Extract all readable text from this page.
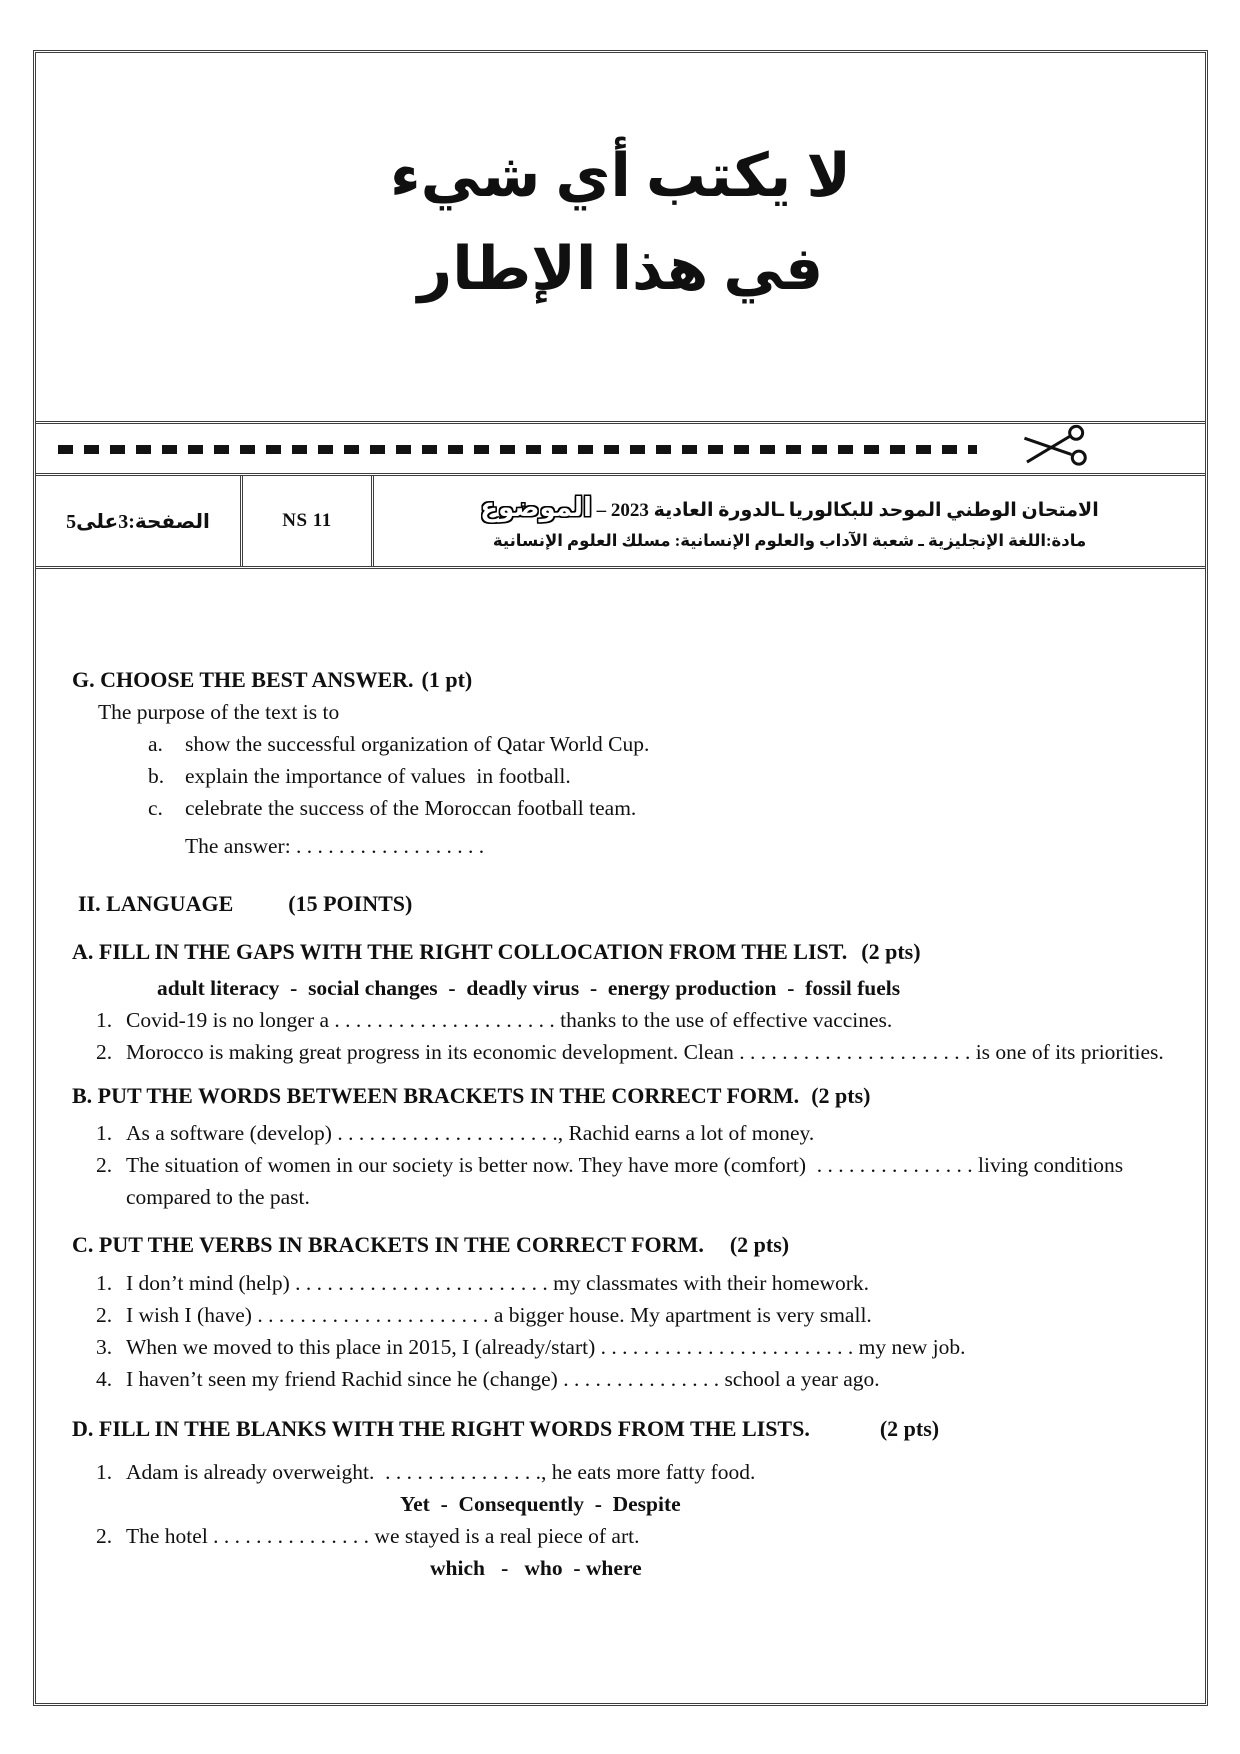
لا يكتب أي شيء
في هذا الإطار
الصفحة:3على5	NS 11	الامتحان الوطني الموحد للبكالوريا ـالدورة العادية 2023 – الموضوع
مادة:اللغة الإنجليزية ـ شعبة الآداب والعلوم الإنسانية: مسلك العلوم الإنسانية
G. CHOOSE THE BEST ANSWER. (1 pt)
The purpose of the text is to
a.	show the successful organization of Qatar World Cup.
b. explain the importance of values  in football.
c.	celebrate the success of the Moroccan football team.
The answer: . . . . . . . . . . . . . . . . . .
II. LANGUAGE	(15 POINTS)
A. FILL IN THE GAPS WITH THE RIGHT COLLOCATION FROM THE LIST. (2 pts)
adult literacy  -  social changes  -  deadly virus  -  energy production  -  fossil fuels
1. Covid-19 is no longer a . . . . . . . . . . . . . . . . . . . . . thanks to the use of effective vaccines.
2. Morocco is making great progress in its economic development. Clean . . . . . . . . . . . . . . . . . . . . . . is one of its priorities.
B. PUT THE WORDS BETWEEN BRACKETS IN THE CORRECT FORM. (2 pts)
1. As a software (develop) . . . . . . . . . . . . . . . . . . . . ., Rachid earns a lot of money.
2. The situation of women in our society is better now. They have more (comfort)  . . . . . . . . . . . . . . . living conditions compared to the past.
C. PUT THE VERBS IN BRACKETS IN THE CORRECT FORM. (2 pts)
1. I don’t mind (help) . . . . . . . . . . . . . . . . . . . . . . . . my classmates with their homework.
2. I wish I (have) . . . . . . . . . . . . . . . . . . . . . . a bigger house. My apartment is very small.
3. When we moved to this place in 2015, I (already/start) . . . . . . . . . . . . . . . . . . . . . . . . my new job.
4. I haven’t seen my friend Rachid since he (change) . . . . . . . . . . . . . . . school a year ago.
D. FILL IN THE BLANKS WITH THE RIGHT WORDS FROM THE LISTS.	(2 pts)
1. Adam is already overweight.  . . . . . . . . . . . . . . ., he eats more fatty food.
Yet  -  Consequently  -  Despite
2. The hotel . . . . . . . . . . . . . . . we stayed is a real piece of art.
which   -   who  - where
